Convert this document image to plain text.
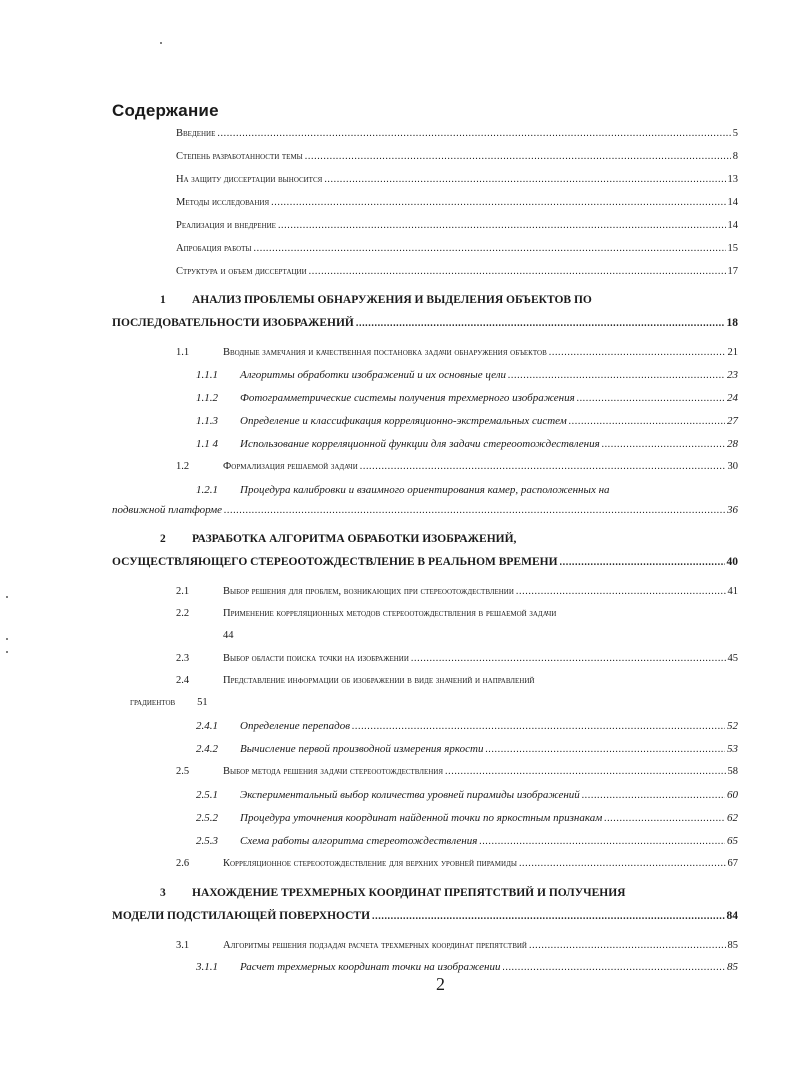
Содержание
Введение .....	5
Степень разработанности темы .....	8
На защиту диссертации выносится .....	13
Методы исследования .....	14
Реализация и внедрение .....	14
Апробация работы .....	15
Структура и объем диссертации .....	17
1	АНАЛИЗ ПРОБЛЕМЫ ОБНАРУЖЕНИЯ И ВЫДЕЛЕНИЯ ОБЪЕКТОВ ПО
ПОСЛЕДОВАТЕЛЬНОСТИ ИЗОБРАЖЕНИЙ .....	18
1.1	Вводные замечания и качественная постановка задачи обнаружения объектов .....	21
1.1.1	Алгоритмы обработки изображений и их основные цели .....	23
1.1.2	Фотограмметрические системы получения трехмерного изображения .....	24
1.1.3	Определение и классификация корреляционно-экстремальных систем .....	27
1.1 4	Использование корреляционной функции для задачи стереоотождествления .....	28
1.2	Формализация решаемой задачи .....	30
1.2.1	Процедура калибровки и взаимного ориентирования камер, расположенных на
подвижной платформе .....	36
2	РАЗРАБОТКА АЛГОРИТМА ОБРАБОТКИ ИЗОБРАЖЕНИЙ,
ОСУЩЕСТВЛЯЮЩЕГО СТЕРЕООТОЖДЕСТВЛЕНИЕ В РЕАЛЬНОМ ВРЕМЕНИ .....	40
2.1	Выбор решения для проблем, возникающих при стереоотождествлении .....	41
2.2	Применение корреляционных методов стереоотождествления в решаемой задачи
44
2.3	Выбор области поиска точки на изображении .....	45
2.4	Представление информации об изображении в виде значений и направлений
градиентов 51
2.4.1	Определение перепадов .....	52
2.4.2	Вычисление первой производной измерения яркости .....	53
2.5	Выбор метода решения задачи стереоотождествления .....	58
2.5.1	Экспериментальный выбор количества уровней пирамиды изображений .....	60
2.5.2	Процедура уточнения координат найденной точки по яркостным признакам .....	62
2.5.3	Схема работы алгоритма стереотождествления .....	65
2.6	Корреляционное стереоотождествление для верхних уровней пирамиды .....	67
3	НАХОЖДЕНИЕ ТРЕХМЕРНЫХ КООРДИНАТ ПРЕПЯТСТВИЙ И ПОЛУЧЕНИЯ
МОДЕЛИ ПОДСТИЛАЮЩЕЙ ПОВЕРХНОСТИ .....	84
3.1	Алгоритмы решения подзадач расчета трехмерных координат препятствий .....	85
3.1.1	Расчет трехмерных координат точки на изображении .....	85

2
